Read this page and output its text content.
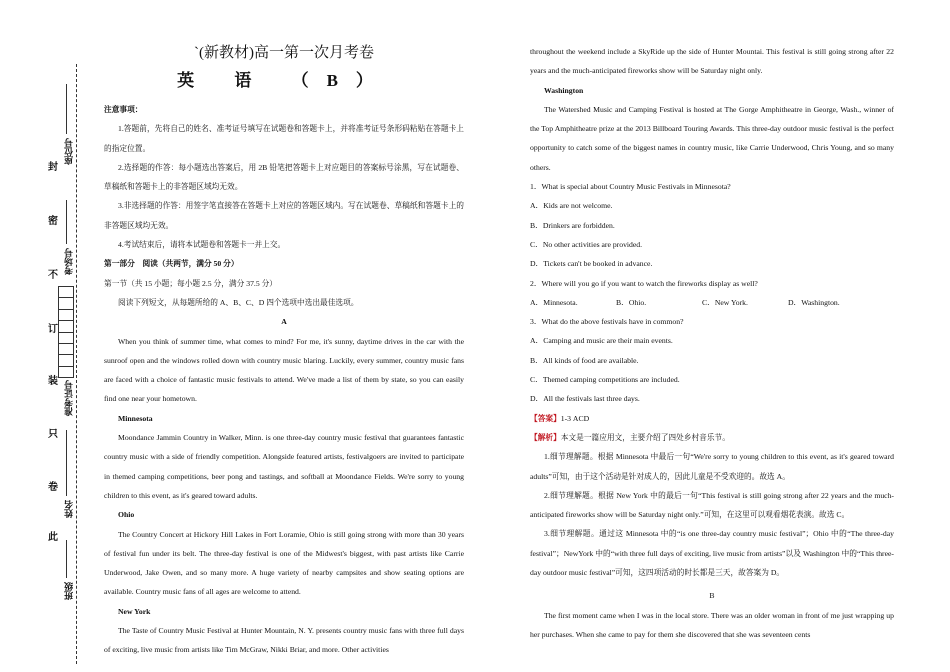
封
密
不
订
装
只
卷
此
座位号
考场号
准考证号
姓名
班级

`(新教材)高一第一次月考卷

英 语 （B）

注意事项：

1.答题前，先将自己的姓名、准考证号填写在试题卷和答题卡上，并将准考证号条形码粘贴在答题卡上的指定位置。

2.选择题的作答：每小题选出答案后，用 2B 铅笔把答题卡上对应题目的答案标号涂黑，写在试题卷、草稿纸和答题卡上的非答题区域均无效。

3.非选择题的作答：用签字笔直接答在答题卡上对应的答题区域内。写在试题卷、草稿纸和答题卡上的非答题区域均无效。

4.考试结束后，请将本试题卷和答题卡一并上交。

第一部分　阅读（共两节，满分 50 分）

第一节（共 15 小题；每小题 2.5 分，满分 37.5 分）

阅读下列短文，从每题所给的 A、B、C、D 四个选项中选出最佳选项。

A

When you think of summer time, what comes to mind? For me, it's sunny, daytime drives in the car with the sunroof open and the windows rolled down with country music blaring. Luckily, every summer, country music fans are faced with a choice of fantastic music festivals to attend. We've made a list of them by state, so you can easily find one near your hometown.

Minnesota

Moondance Jammin Country in Walker, Minn. is one three-day country music festival that guarantees fantastic country music with a side of friendly competition. Alongside featured artists, festivalgoers are invited to participate in themed camping competitions, beer pong and tastings, and softball at Moondance Fields. We're sorry to young children to this event, as it's geared toward adults.

Ohio

The Country Concert at Hickory Hill Lakes in Fort Loramie, Ohio is still going strong with more than 30 years of festival fun under its belt. The three-day festival is one of the Midwest's biggest, with past artists like Carrie Underwood, Jake Owen, and so many more. A huge variety of nearby campsites and show seating options are available. Country music fans of all ages are welcome to attend.

New York

The Taste of Country Music Festival at Hunter Mountain, N. Y. presents country music fans with three full days of exciting, live music from artists like Tim McGraw, Nikki Briar, and more. Other activities

throughout the weekend include a SkyRide up the side of Hunter Mountai. This festival is still going strong after 22 years and the much-anticipated fireworks show will be Saturday night only.

Washington

The Watershed Music and Camping Festival is hosted at The Gorge Amphitheatre in George, Wash., winner of the Top Amphitheatre prize at the 2013 Billboard Touring Awards. This three-day outdoor music festival is the perfect opportunity to catch some of the biggest names in country music, like Carrie Underwood, Chris Young, and so many others.

1．What is special about Country Music Festivals in Minnesota?

A．Kids are not welcome.

B．Drinkers are forbidden.

C．No other activities are provided.

D．Tickets can't be booked in advance.

2．Where will you go if you want to watch the fireworks display as well?

A．Minnesota.	B．Ohio.	C．New York.	D．Washington.

3．What do the above festivals have in common?

A．Camping and music are their main events.

B．All kinds of food are available.

C．Themed camping competitions are included.

D．All the festivals last three days.

【答案】1-3 ACD

【解析】本文是一篇应用文，主要介绍了四处乡村音乐节。

1.细节理解题。根据 Minnesota 中最后一句“We're sorry to young children to this event, as it's geared toward adults”可知，由于这个活动是针对成人的，因此儿童是不受欢迎的。故选 A。

2.细节理解题。根据 New York 中的最后一句“This festival is still going strong after 22 years and the much-anticipated fireworks show will be Saturday night only.”可知，在这里可以观看烟花表演。故选 C。

3.细节理解题。通过这 Minnesota 中的“is one three-day country music festival”；Ohio 中的“The three-day festival”；NewYork 中的“with three full days of exciting, live music from artists”以及 Washington 中的“This three-day outdoor music festival”可知，这四项活动的时长都是三天，故答案为 D。

B

The first moment came when I was in the local store. There was an older woman in front of me just wrapping up her purchases. When she came to pay for them she discovered that she was seventeen cents
